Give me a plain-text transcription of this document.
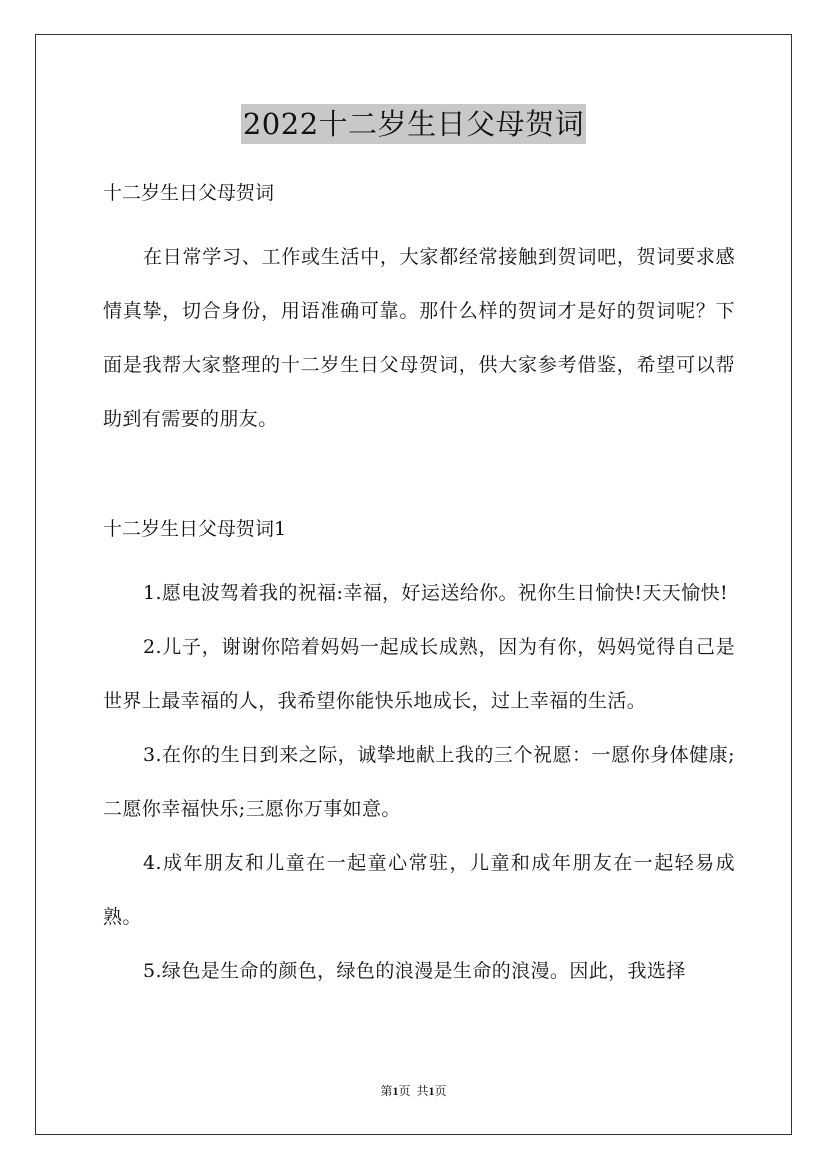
2022十二岁生日父母贺词

十二岁生日父母贺词

在日常学习、工作或生活中，大家都经常接触到贺词吧，贺词要求感情真挚，切合身份，用语准确可靠。那什么样的贺词才是好的贺词呢？下面是我帮大家整理的十二岁生日父母贺词，供大家参考借鉴，希望可以帮助到有需要的朋友。

十二岁生日父母贺词1

1.愿电波驾着我的祝福:幸福，好运送给你。祝你生日愉快!天天愉快!

2.儿子，谢谢你陪着妈妈一起成长成熟，因为有你，妈妈觉得自己是世界上最幸福的人，我希望你能快乐地成长，过上幸福的生活。

3.在你的生日到来之际，诚挚地献上我的三个祝愿：一愿你身体健康;二愿你幸福快乐;三愿你万事如意。

4.成年朋友和儿童在一起童心常驻，儿童和成年朋友在一起轻易成熟。

5.绿色是生命的颜色，绿色的浪漫是生命的浪漫。因此，我选择

第1页 共1页
